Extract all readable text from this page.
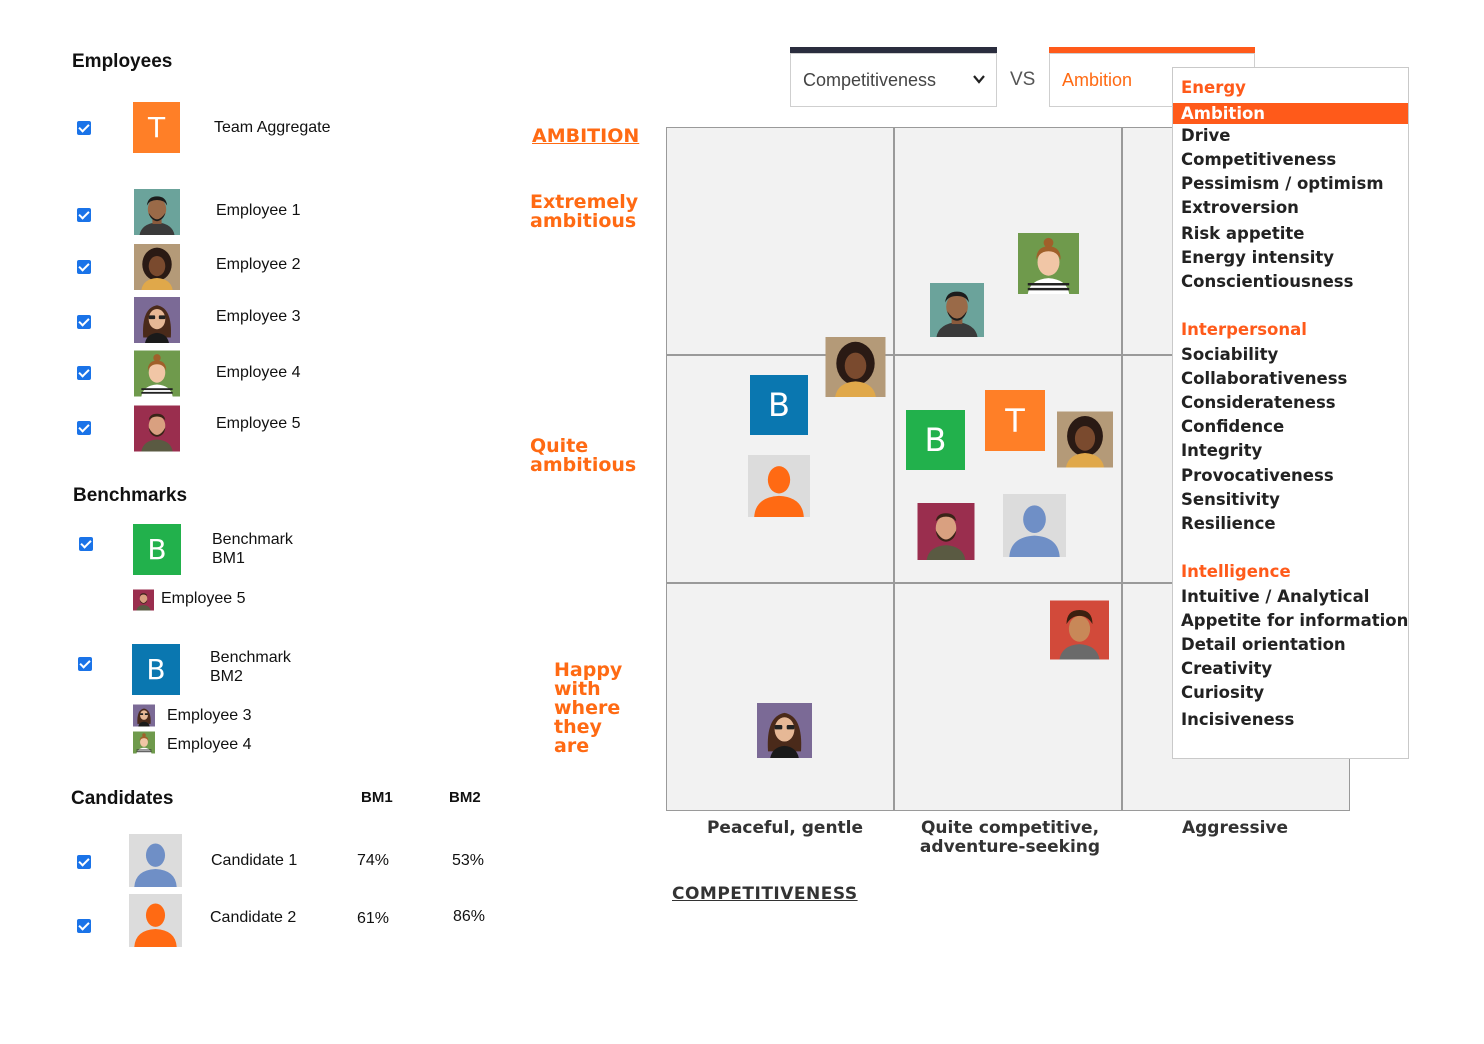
Employees
T	Team Aggregate
Employee 1
Employee 2
Employee 3
Employee 4
Employee 5
Benchmarks
B	Benchmark
BM1
Employee 5
B	Benchmark
BM2
Employee 3
Employee 4
Candidates	BM1	BM2
Candidate 1	74%	53%
Candidate 2	61%	86%
AMBITION
Extremely ambitious
Quite ambitious
Happy with where they are
Competitiveness	VS Ambition
B	T
B
Peaceful, gentle	Quite competitive, adventure-seeking
Aggressive
COMPETITIVENESS
Energy
Ambition
Drive
Competitiveness
Pessimism / optimism
Extroversion
Risk appetite
Energy intensity
Conscientiousness
Interpersonal
Sociability
Collaborativeness
Considerateness
Confidence
Integrity
Provocativeness
Sensitivity
Resilience
Intelligence
Intuitive / Analytical
Appetite for information
Detail orientation
Creativity
Curiosity
Incisiveness
